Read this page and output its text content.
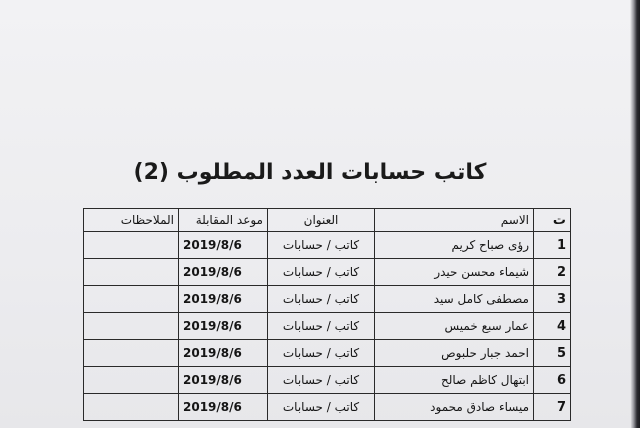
كاتب حسابات العدد المطلوب (2)
ت	الاسم	العنوان	موعد المقابلة	الملاحظات
1	رؤى صباح كريم	كاتب / حسابات	2019/8/6	
2	شيماء محسن حيدر	كاتب / حسابات	2019/8/6	
3	مصطفى كامل سيد	كاتب / حسابات	2019/8/6	
4	عمار سبع خميس	كاتب / حسابات	2019/8/6	
5	احمد جبار حلبوص	كاتب / حسابات	2019/8/6	
6	ابتهال كاظم صالح	كاتب / حسابات	2019/8/6	
7	ميساء صادق محمود	كاتب / حسابات	2019/8/6	
